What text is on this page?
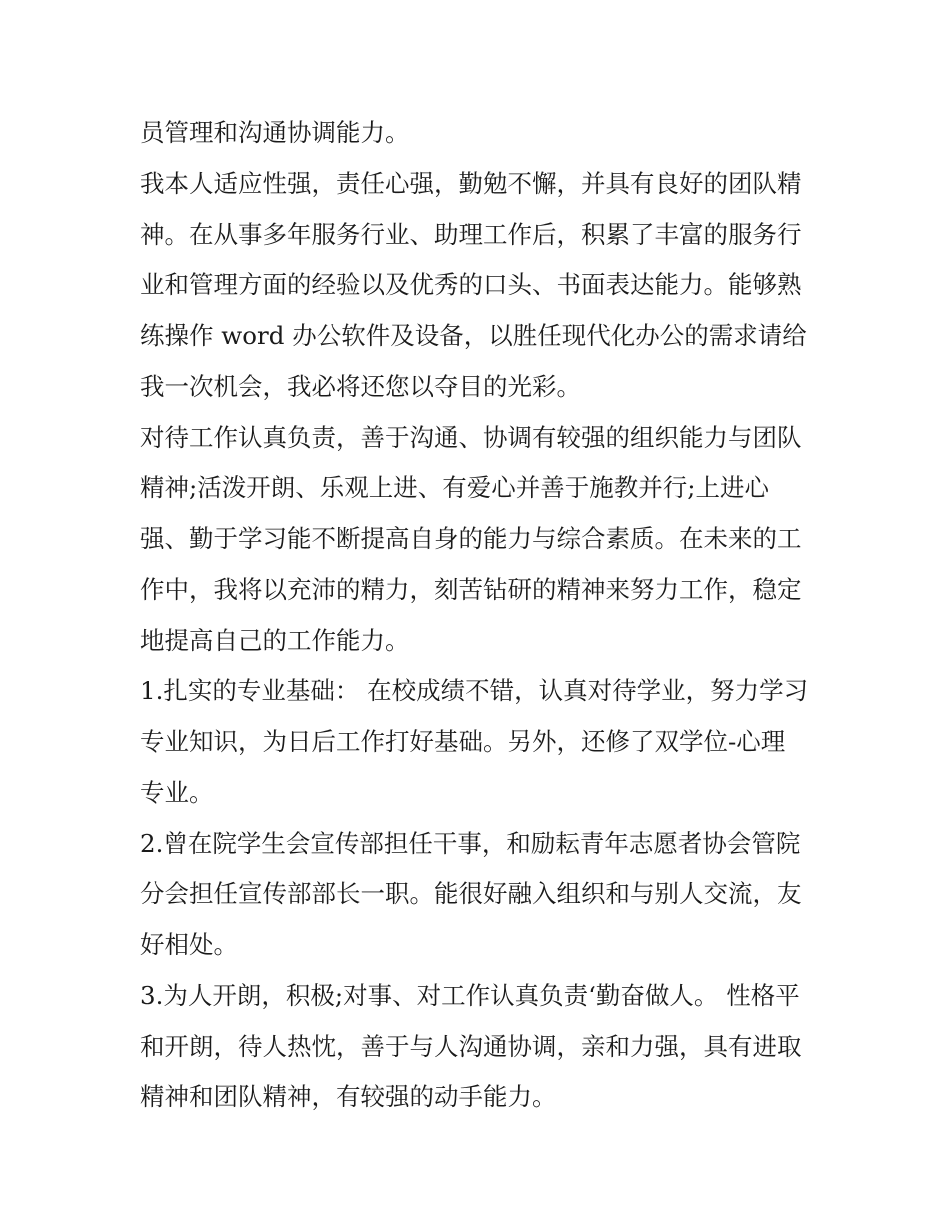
员管理和沟通协调能力。
我本人适应性强，责任心强，勤勉不懈，并具有良好的团队精
神。在从事多年服务行业、助理工作后，积累了丰富的服务行
业和管理方面的经验以及优秀的口头、书面表达能力。能够熟
练操作 word 办公软件及设备，以胜任现代化办公的需求请给
我一次机会，我必将还您以夺目的光彩。
对待工作认真负责，善于沟通、协调有较强的组织能力与团队
精神;活泼开朗、乐观上进、有爱心并善于施教并行;上进心
强、勤于学习能不断提高自身的能力与综合素质。在未来的工
作中，我将以充沛的精力，刻苦钻研的精神来努力工作，稳定
地提高自己的工作能力。
1.扎实的专业基础： 在校成绩不错，认真对待学业，努力学习
专业知识，为日后工作打好基础。另外，还修了双学位-心理
专业。
2.曾在院学生会宣传部担任干事，和励耘青年志愿者协会管院
分会担任宣传部部长一职。能很好融入组织和与别人交流，友
好相处。
3.为人开朗，积极;对事、对工作认真负责‘勤奋做人。 性格平
和开朗，待人热忱，善于与人沟通协调，亲和力强，具有进取
精神和团队精神，有较强的动手能力。
